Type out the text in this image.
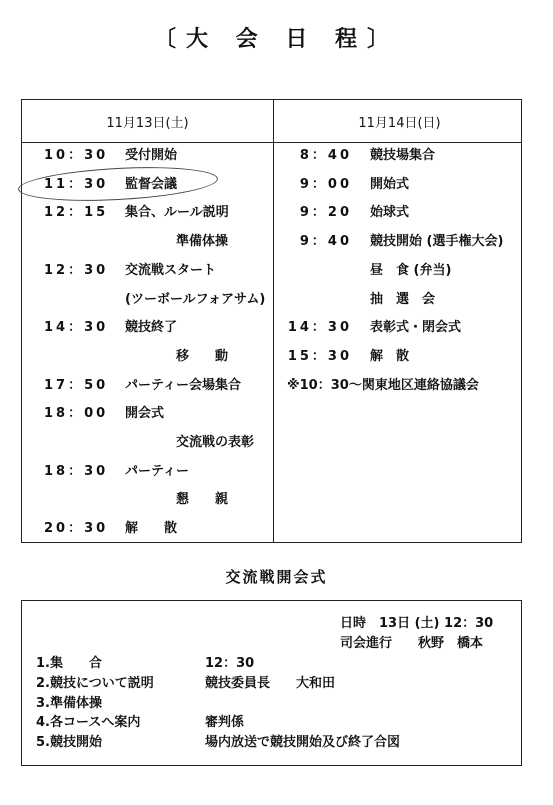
〔大 会 日 程〕
11月13日(土)	11月14日(日)
10：30 受付開始
11：30 監督会議
12：15 集合、ルール説明
準備体操
12：30 交流戦スタート
(ツーボールフォアサム)
14：30 競技終了
移　　動
17：50 パーティー会場集合
18：00 開会式
交流戦の表彰
18：30 パーティー
懇　　親
20：30 解　　散
8：40 競技場集合
9：00 開始式
9：20 始球式
9：40 競技開始 (選手権大会)
昼　食 (弁当)
抽　選　会
14：30 表彰式・閉会式
15：30 解　散
※10：30～関東地区連絡協議会
交流戦開会式
日時　13日 (土) 12：30
司会進行　　秋野　橋本
1.集　　合	12：30
2.競技について説明	競技委員長　　大和田
3.準備体操
4.各コースへ案内	審判係
5.競技開始	場内放送で競技開始及び終了合図
